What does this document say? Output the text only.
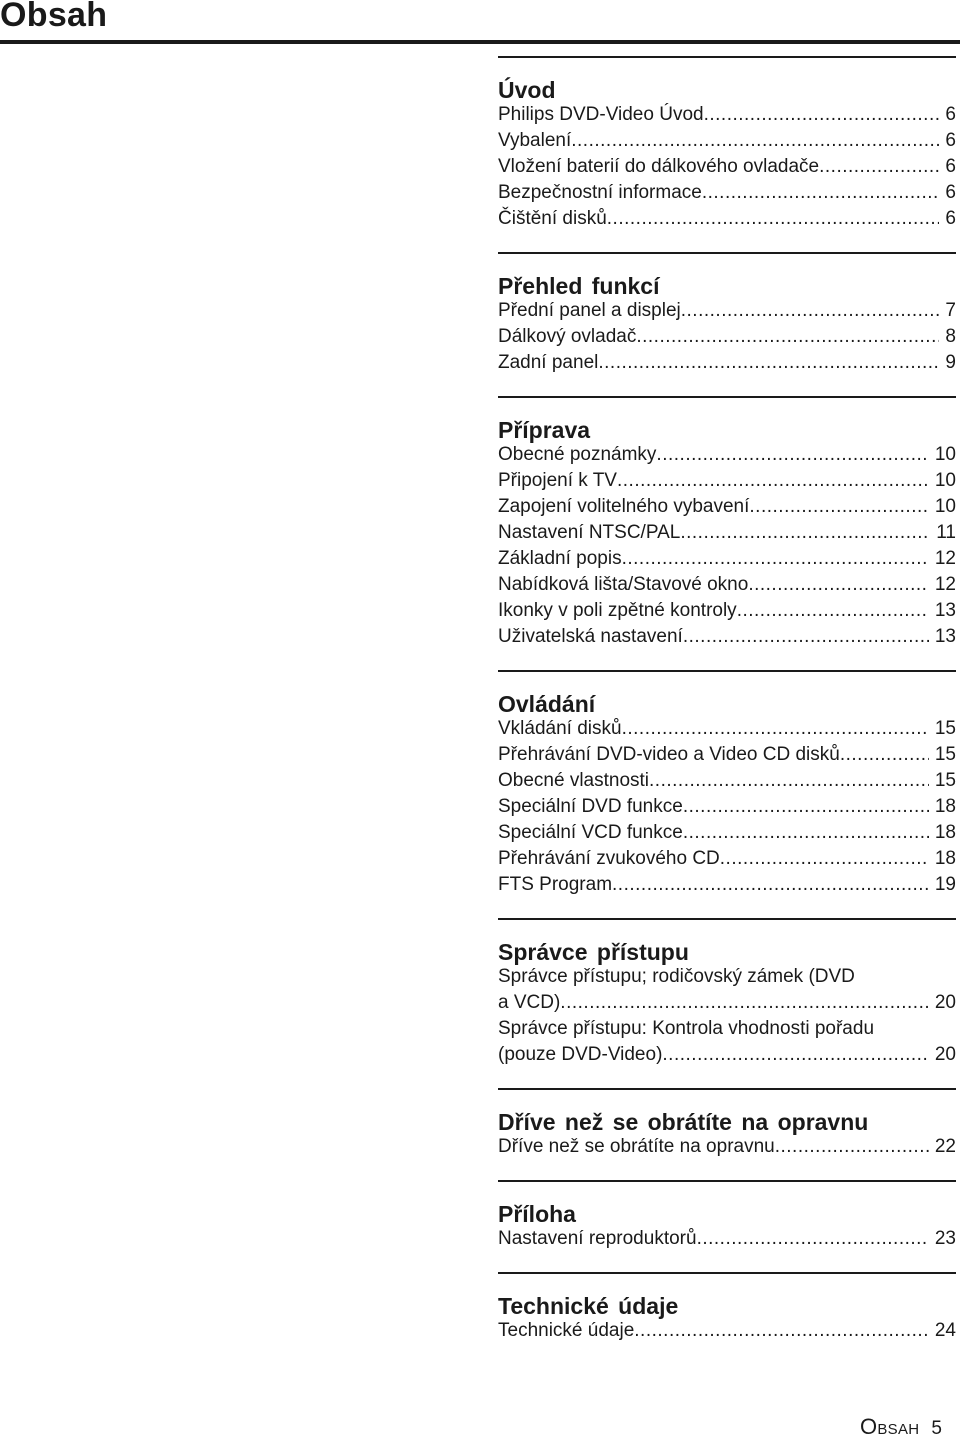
Obsah
Úvod
Philips DVD-Video Úvod .....	6
Vybalení .....	6
Vložení baterií do dálkového ovladače .....	6
Bezpečnostní informace .....	6
Čištění disků .....	6
Přehled funkcí
Přední panel a displej .....	7
Dálkový ovladač .....	8
Zadní panel .....	9
Příprava
Obecné poznámky .....	10
Připojení k TV .....	10
Zapojení volitelného vybavení .....	10
Nastavení NTSC/PAL .....	11
Základní popis .....	12
Nabídková lišta/Stavové okno .....	12
Ikonky v poli zpětné kontroly .....	13
Uživatelská nastavení .....	13
Ovládání
Vkládání disků .....	15
Přehrávání DVD-video a Video CD disků .....	15
Obecné vlastnosti .....	15
Speciální DVD funkce .....	18
Speciální VCD funkce .....	18
Přehrávání zvukového CD .....	18
FTS Program .....	19
Správce přístupu
Správce přístupu; rodičovský zámek (DVD
a VCD) .....	20
Správce přístupu: Kontrola vhodnosti pořadu
(pouze DVD-Video) .....	20
Dříve než se obrátíte na opravnu
Dříve než se obrátíte na opravnu .....	22
Příloha
Nastavení reproduktorů .....	23
Technické údaje
Technické údaje .....	24
OBSAH 5
